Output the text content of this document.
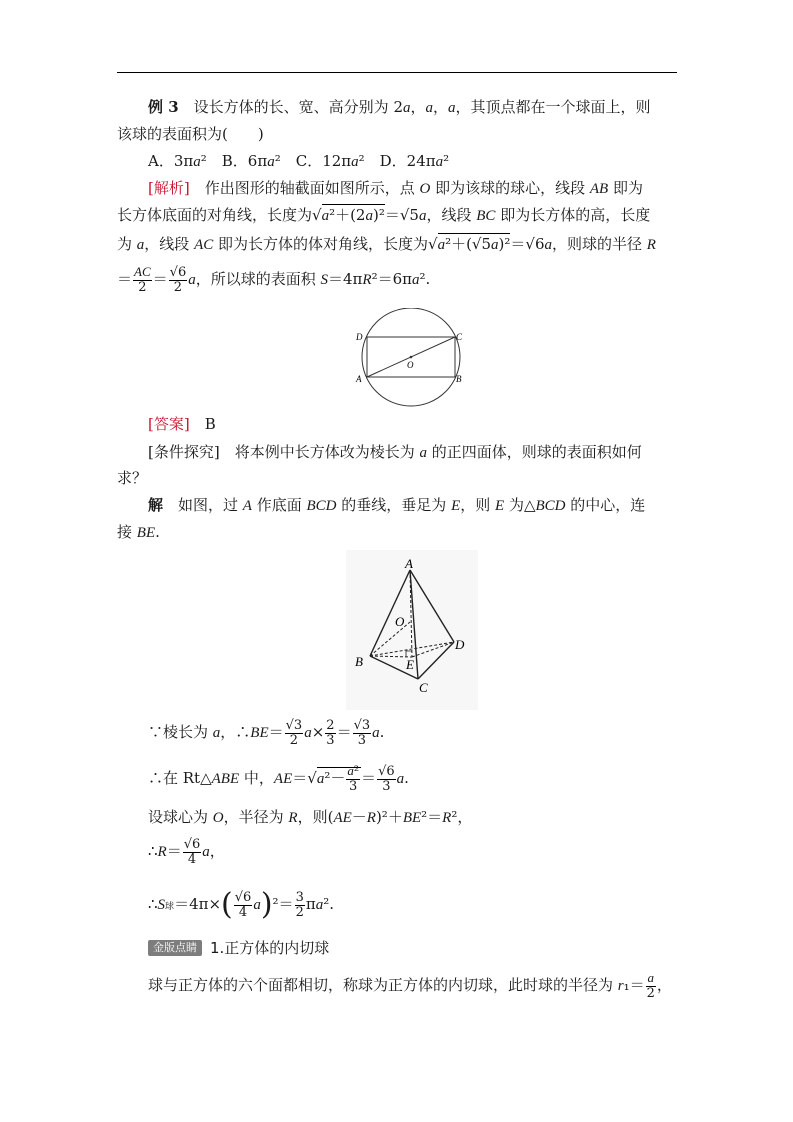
例 3　设长方体的长、宽、高分别为 2a，a，a，其顶点都在一个球面上，则
该球的表面积为(　　)
A．3πa²　B．6πa²　C．12πa²　D．24πa²
[解析]　作出图形的轴截面如图所示，点 O 即为该球的球心，线段 AB 即为
长方体底面的对角线，长度为√a²＋(2a)²＝√5a，线段 BC 即为长方体的高，长度
为 a，线段 AC 即为长方体的体对角线，长度为√a²＋(√5a)²＝√6a，则球的半径 R
＝ $\frac{AC}{2} = \frac{√6}{2}$ a，所以球的表面积 S＝4πR²＝6πa².
D	C
A	B
O
[答案]　 B
[条件探究]　将本例中长方体改为棱长为 a 的正四面体，则球的表面积如何
求？
解　如图，过 A 作底面 BCD 的垂线，垂足为 E，则 E 为△BCD 的中心，连
接 BE.
A
O
D
B	E
C
∵棱长为 a，∴BE＝ $\frac{√3}{2} a\times \frac{2}{3} = \frac{√3}{3} a$.
∴在 Rt△ABE 中，$AE=√a^2- \frac{\text{a²}}{3} = \frac{√6}{3} a$.
设球心为 O，半径为 R，则(AE－R)²＋BE²＝R²，
∴R＝ $\frac{√6}{4}$ a，
∴S球$=4\pi\times( \frac{√6}{4} a)^2= \frac{3}{2} \pi a^2$.
金版点睛 1.正方体的内切球
球与正方体的六个面都相切，称球为正方体的内切球，此时球的半径为 $r_1= \frac{a}{2}$ ，
